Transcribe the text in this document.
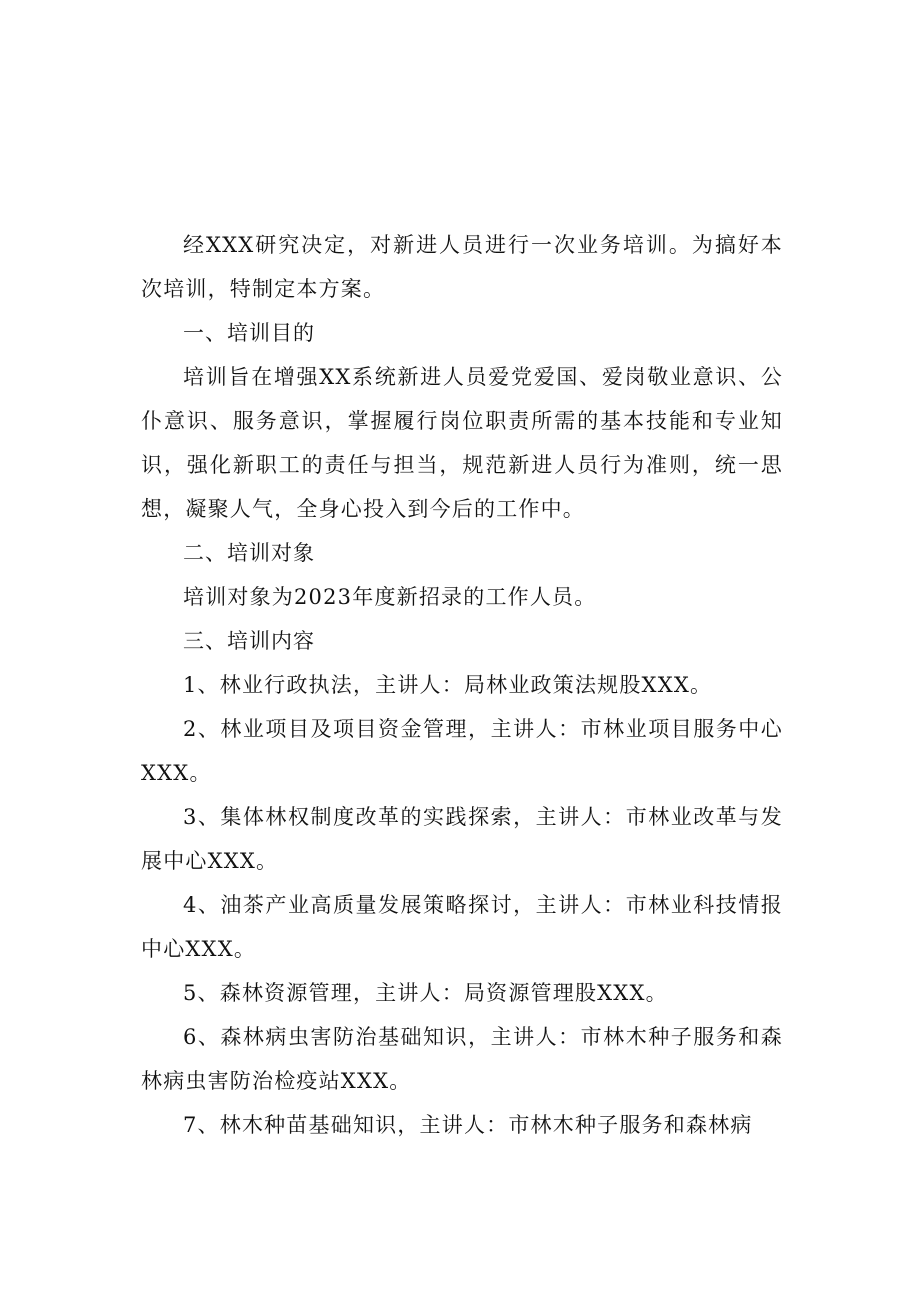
经XXX研究决定，对新进人员进行一次业务培训。为搞好本次培训，特制定本方案。

一、培训目的

培训旨在增强XX系统新进人员爱党爱国、爱岗敬业意识、公仆意识、服务意识，掌握履行岗位职责所需的基本技能和专业知识，强化新职工的责任与担当，规范新进人员行为准则，统一思想，凝聚人气，全身心投入到今后的工作中。

二、培训对象

培训对象为2023年度新招录的工作人员。

三、培训内容

1、林业行政执法，主讲人：局林业政策法规股XXX。

2、林业项目及项目资金管理，主讲人：市林业项目服务中心XXX。

3、集体林权制度改革的实践探索，主讲人：市林业改革与发展中心XXX。

4、油茶产业高质量发展策略探讨，主讲人：市林业科技情报中心XXX。

5、森林资源管理，主讲人：局资源管理股XXX。

6、森林病虫害防治基础知识，主讲人：市林木种子服务和森林病虫害防治检疫站XXX。

7、林木种苗基础知识，主讲人：市林木种子服务和森林病
